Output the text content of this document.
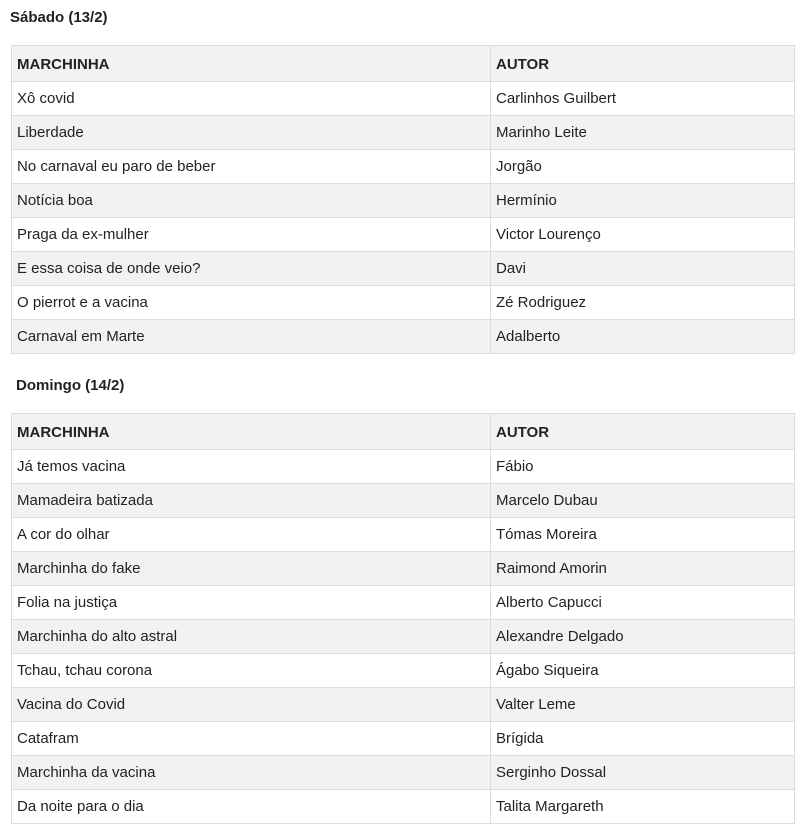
Sábado (13/2)
MARCHINHA	AUTOR
Xô covid	Carlinhos Guilbert
Liberdade	Marinho Leite
No carnaval eu paro de beber	Jorgão
Notícia boa	Hermínio
Praga da ex-mulher	Victor Lourenço
E essa coisa de onde veio?	Davi
O pierrot e a vacina	Zé Rodriguez
Carnaval em Marte	Adalberto
Domingo (14/2)
MARCHINHA	AUTOR
Já temos vacina	Fábio
Mamadeira batizada	Marcelo Dubau
A cor do olhar	Tómas Moreira
Marchinha do fake	Raimond Amorin
Folia na justiça	Alberto Capucci
Marchinha do alto astral	Alexandre Delgado
Tchau, tchau corona	Ágabo Siqueira
Vacina do Covid	Valter Leme
Catafram	Brígida
Marchinha da vacina	Serginho Dossal
Da noite para o dia	Talita Margareth
